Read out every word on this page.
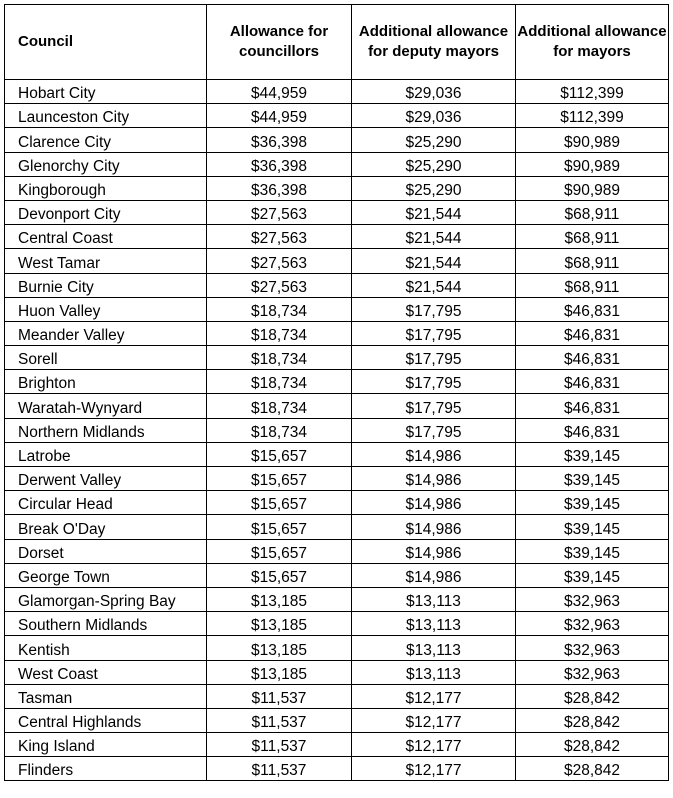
Council	Allowance for councillors	Additional allowance for deputy mayors	Additional allowance for mayors

Hobart City	$44,959	$29,036	$112,399

Launceston City	$44,959	$29,036	$112,399

Clarence City	$36,398	$25,290	$90,989

Glenorchy City	$36,398	$25,290	$90,989

Kingborough	$36,398	$25,290	$90,989

Devonport City	$27,563	$21,544	$68,911

Central Coast	$27,563	$21,544	$68,911

West Tamar	$27,563	$21,544	$68,911

Burnie City	$27,563	$21,544	$68,911

Huon Valley	$18,734	$17,795	$46,831

Meander Valley	$18,734	$17,795	$46,831

Sorell	$18,734	$17,795	$46,831

Brighton	$18,734	$17,795	$46,831

Waratah-Wynyard	$18,734	$17,795	$46,831

Northern Midlands	$18,734	$17,795	$46,831

Latrobe	$15,657	$14,986	$39,145

Derwent Valley	$15,657	$14,986	$39,145

Circular Head	$15,657	$14,986	$39,145

Break O'Day	$15,657	$14,986	$39,145

Dorset	$15,657	$14,986	$39,145

George Town	$15,657	$14,986	$39,145

Glamorgan-Spring Bay	$13,185	$13,113	$32,963

Southern Midlands	$13,185	$13,113	$32,963

Kentish	$13,185	$13,113	$32,963

West Coast	$13,185	$13,113	$32,963

Tasman	$11,537	$12,177	$28,842

Central Highlands	$11,537	$12,177	$28,842

King Island	$11,537	$12,177	$28,842

Flinders	$11,537	$12,177	$28,842
